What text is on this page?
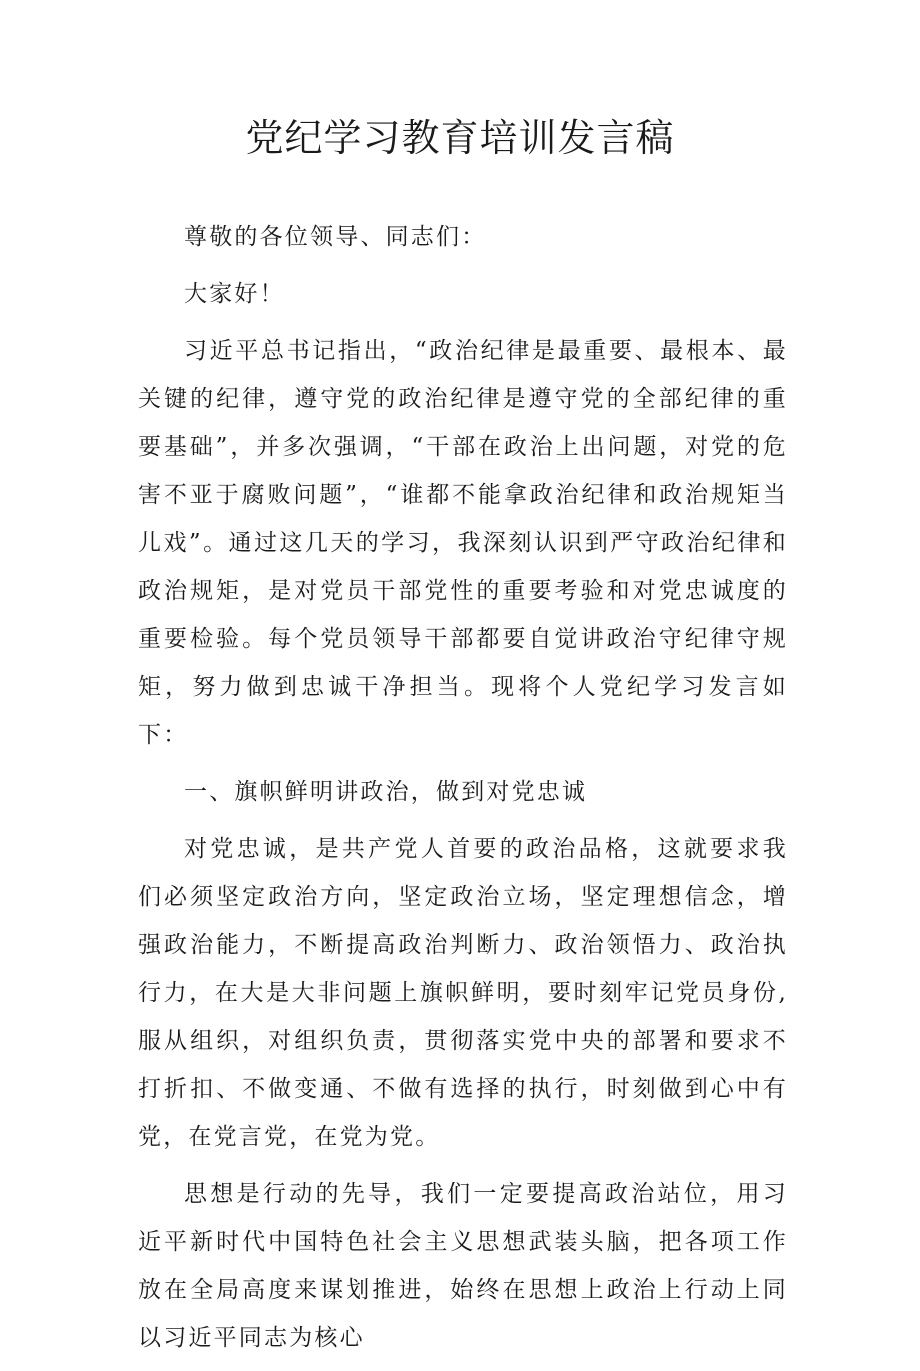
党纪学习教育培训发言稿

尊敬的各位领导、同志们：

大家好！

习近平总书记指出，“政治纪律是最重要、最根本、最关键的纪律，遵守党的政治纪律是遵守党的全部纪律的重要基础”，并多次强调，“干部在政治上出问题，对党的危害不亚于腐败问题”，“谁都不能拿政治纪律和政治规矩当儿戏”。通过这几天的学习，我深刻认识到严守政治纪律和政治规矩，是对党员干部党性的重要考验和对党忠诚度的重要检验。每个党员领导干部都要自觉讲政治守纪律守规矩，努力做到忠诚干净担当。现将个人党纪学习发言如下：

一、旗帜鲜明讲政治，做到对党忠诚

对党忠诚，是共产党人首要的政治品格，这就要求我们必须坚定政治方向，坚定政治立场，坚定理想信念，增强政治能力，不断提高政治判断力、政治领悟力、政治执行力，在大是大非问题上旗帜鲜明，要时刻牢记党员身份,服从组织，对组织负责，贯彻落实党中央的部署和要求不打折扣、不做变通、不做有选择的执行，时刻做到心中有党，在党言党，在党为党。

思想是行动的先导，我们一定要提高政治站位，用习近平新时代中国特色社会主义思想武装头脑，把各项工作放在全局高度来谋划推进，始终在思想上政治上行动上同以习近平同志为核心
